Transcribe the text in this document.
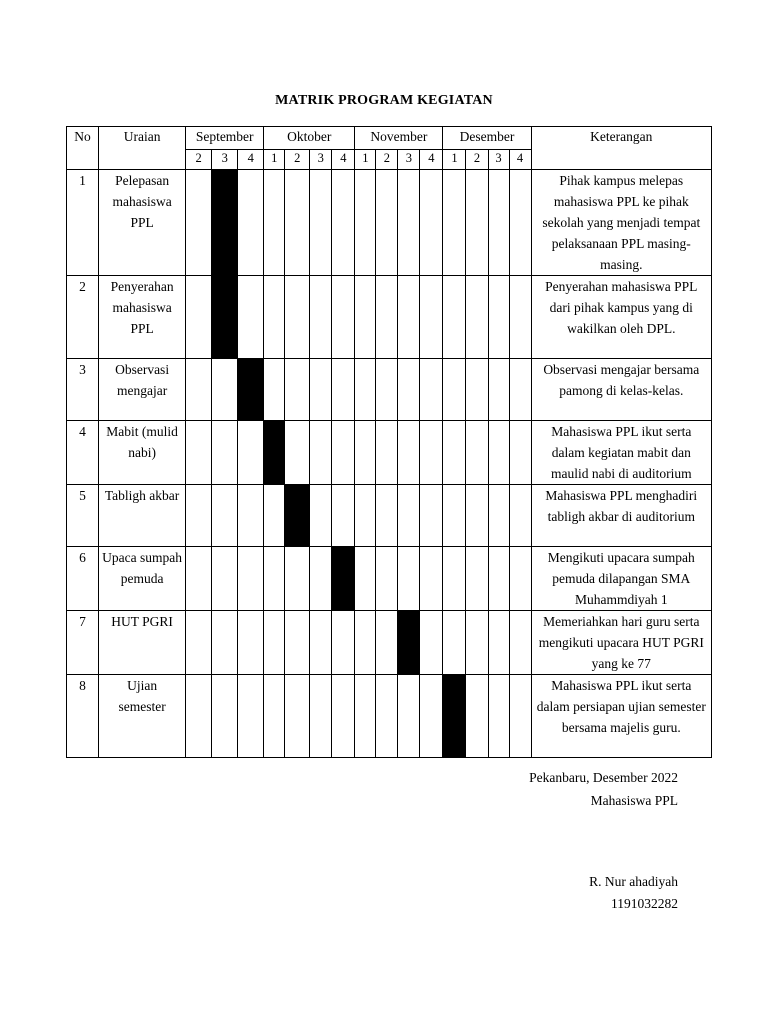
MATRIK PROGRAM KEGIATAN
No	Uraian	September			Oktober				November				Desember				Keterangan
		2	3	4	1	2	3	4	1	2	3	4	1	2	3	4	
1	Pelepasan mahasiswa PPL																Pihak kampus melepas mahasiswa PPL ke pihak sekolah yang menjadi tempat pelaksanaan PPL masing-masing.
2	Penyerahan mahasiswa PPL																Penyerahan mahasiswa PPL dari pihak kampus yang di wakilkan oleh DPL.
3	Observasi mengajar																Observasi mengajar bersama pamong di kelas-kelas.
4	Mabit (mulid nabi)																Mahasiswa PPL ikut serta dalam kegiatan mabit dan maulid nabi di auditorium
5	Tabligh akbar																Mahasiswa PPL menghadiri tabligh akbar di auditorium
6	Upaca sumpah pemuda																Mengikuti upacara sumpah pemuda dilapangan SMA Muhammdiyah 1
7	HUT PGRI																Memeriahkan hari guru serta mengikuti upacara HUT PGRI yang ke 77
8	Ujian semester																Mahasiswa PPL ikut serta dalam persiapan ujian semester bersama majelis guru.
Pekanbaru, Desember 2022
Mahasiswa PPL
R. Nur ahadiyah
1191032282
